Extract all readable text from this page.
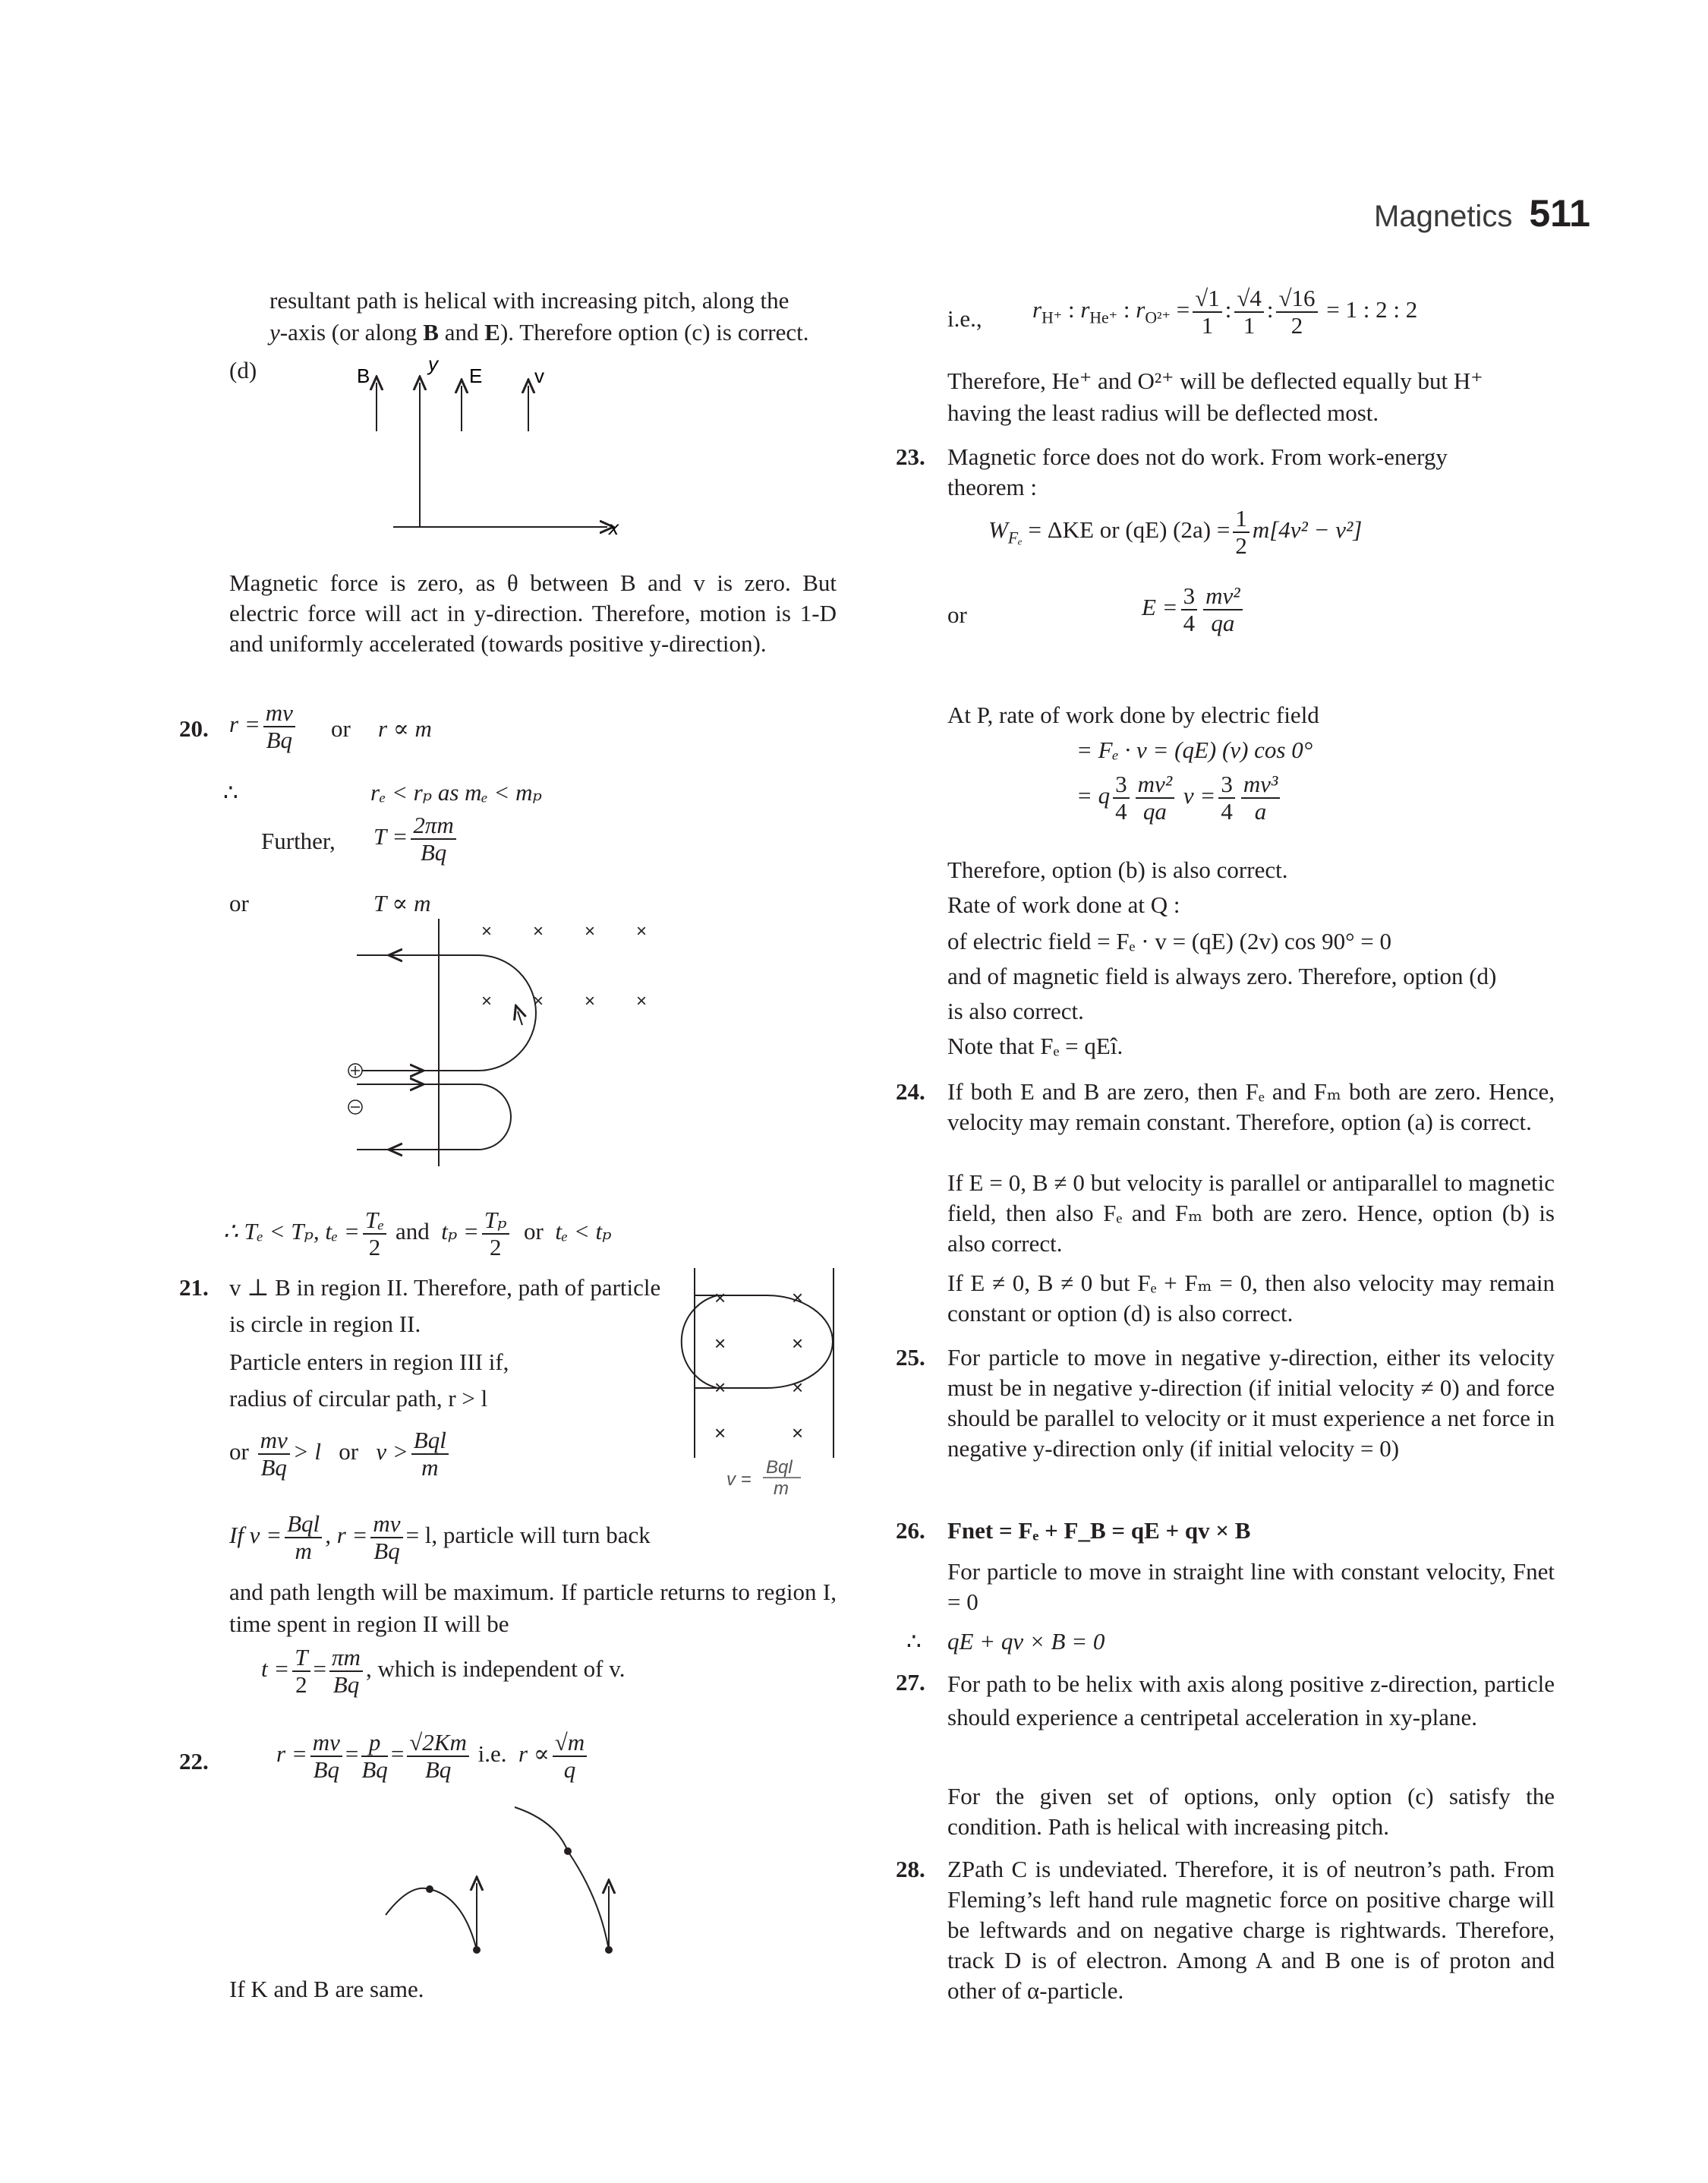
Magnetics 511
resultant path is helical with increasing pitch, along the
y-axis (or along B and E). Therefore option (c) is correct.
(d)	B
y
E	v
x
Magnetic force is zero, as θ between B and v is zero. But electric force will act in y-direction. Therefore, motion is 1-D and uniformly accelerated (towards positive y-direction).
20. $r = \frac{mv}{Bq}$ or r ∝ m
∴	rₑ < rₚ as mₑ < mₚ
Further, $T = \frac{2\pi m}{Bq}$
or	T ∝ m
× × × ×
× × × ×
∴ Tₑ < Tₚ, $t_e = \frac{\text{Tₑ}}{2}$ and $t_p = \frac{\text{Tₚ}}{2}$ or tₑ < tₚ
21. v ⊥ B in region II. Therefore, path of particle
is circle in region II.
Particle enters in region III if,
radius of circular path, r > l
or $\frac{mv}{Bq} > l$ or $v > \frac{\text{Bql}}{m}$
If $v = \frac{\text{Bql}}{m}$ , $r = \frac{mv}{Bq} = l$, particle will turn back
and path length will be maximum. If particle returns to region I, time spent in region II will be
$t = \frac{T}{2} = \frac{\pi m}{Bq}$ , which is independent of v.
×	×
×	×
×	×
×	×
v =
Bql
m
22.	$r = \frac{mv}{Bq} = \frac{p}{Bq} = \frac{√2Km}{Bq} i.e$. $r \propto \frac{√m}{q}$
If K and B are same.
i.e., $r_{H^+}$ : $r_{He^+}$ : $r_{O^{2+}} = \frac{√1}{1}$ : $\frac{√4}{1}$ : $\frac{√16}{2} = 1$ : 2 : 2
Therefore, He⁺ and O²⁺ will be deflected equally but H⁺
having the least radius will be deflected most.
23. Magnetic force does not do work. From work-energy
theorem :
$W_{F_e} = \Delta KE$ or (qE) $(2a) = \frac{1}{2} m[4v^2 - v^2]$
or	$E = \frac{3}{4} \frac{\text{mv²}}{qa}$
At P, rate of work done by electric field
= Fₑ · v = (qE) (v) cos 0°
= q $\frac{3}{4} \frac{\text{mv²}}{qa}$ $v = \frac{3}{4} \frac{\text{mv³}}{a}$
Therefore, option (b) is also correct.
Rate of work done at Q :
of electric field = Fₑ · v = (qE) (2v) cos 90° = 0
and of magnetic field is always zero. Therefore, option (d)
is also correct.
Note that Fₑ = qEî.
24. If both E and B are zero, then Fₑ and Fₘ both are zero. Hence, velocity may remain constant. Therefore, option (a) is correct.
If E = 0, B ≠ 0 but velocity is parallel or antiparallel to magnetic field, then also Fₑ and Fₘ both are zero. Hence, option (b) is also correct.
If E ≠ 0, B ≠ 0 but Fₑ + Fₘ = 0, then also velocity may remain constant or option (d) is also correct.
25. For particle to move in negative y-direction, either its velocity must be in negative y-direction (if initial velocity ≠ 0) and force should be parallel to velocity or it must experience a net force in negative y-direction only (if initial velocity = 0)
26. Fnet = Fₑ + F_B = qE + qv × B
For particle to move in straight line with constant velocity, Fnet = 0
∴ qE + qv × B = 0
27. For path to be helix with axis along positive z-direction, particle should experience a centripetal acceleration in xy-plane.
For the given set of options, only option (c) satisfy the condition. Path is helical with increasing pitch.
28. ZPath C is undeviated. Therefore, it is of neutron’s path. From Fleming’s left hand rule magnetic force on positive charge will be leftwards and on negative charge is rightwards. Therefore, track D is of electron. Among A and B one is of proton and other of α-particle.
